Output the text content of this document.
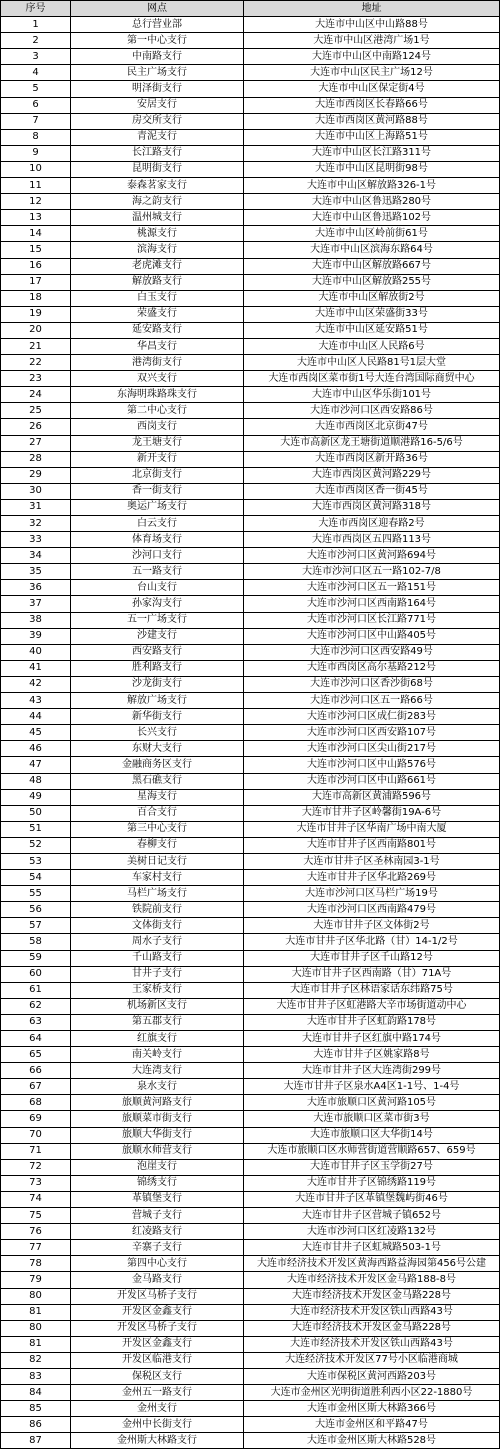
序号	网点	地址
1	总行营业部	大连市中山区中山路88号
2	第一中心支行	大连市中山区港湾广场1号
3	中南路支行	大连市中山区中南路124号
4	民主广场支行	大连市中山区民主广场12号
5	明泽街支行	大连市中山区保定街4号
6	安居支行	大连市西岗区长春路66号
7	房交所支行	大连市西岗区黄河路88号
8	青泥支行	大连市中山区上海路51号
9	长江路支行	大连市中山区长江路311号
10	昆明街支行	大连市中山区昆明街98号
11	泰森茗家支行	大连市中山区解放路326-1号
12	海之韵支行	大连市中山区鲁迅路280号
13	温州城支行	大连市中山区鲁迅路102号
14	桃源支行	大连市中山区岭前街61号
15	滨海支行	大连市中山区滨海东路64号
16	老虎滩支行	大连市中山区解放路667号
17	解放路支行	大连市中山区解放路255号
18	白玉支行	大连市中山区解放街2号
19	荣盛支行	大连市中山区荣盛街33号
20	延安路支行	大连市中山区延安路51号
21	华昌支行	大连市中山区人民路6号
22	港湾街支行	大连市中山区人民路81号1层大堂
23	双兴支行	大连市西岗区菜市街1号大连台湾国际商贸中心
24	东海明珠路珠支行	大连市中山区华乐街101号
25	第二中心支行	大连市沙河口区西安路86号
26	西岗支行	大连市西岗区北京街47号
27	龙王塘支行	大连市高新区龙王塘街道顺港路16-5/6号
28	新开支行	大连市西岗区新开路36号
29	北京街支行	大连市西岗区黄河路229号
30	香一街支行	大连市西岗区香一街45号
31	奥运广场支行	大连市西岗区黄河路318号
32	白云支行	大连市西岗区迎春路2号
33	体育场支行	大连市西岗区五四路113号
34	沙河口支行	大连市沙河口区黄河路694号
35	五一路支行	大连市沙河口区五一路102-7/8
36	台山支行	大连市沙河口区五一路151号
37	孙家沟支行	大连市沙河口区西南路164号
38	五一广场支行	大连市沙河口区长江路771号
39	沙建支行	大连市沙河口区中山路405号
40	西安路支行	大连市沙河口区西安路49号
41	胜利路支行	大连市西岗区高尔基路212号
42	沙龙街支行	大连市沙河口区香沙街68号
43	解放广场支行	大连市沙河口区五一路66号
44	新华街支行	大连市沙河口区成仁街283号
45	长兴支行	大连市沙河口区西安路107号
46	东财大支行	大连市沙河口区尖山街217号
47	金融商务区支行	大连市沙河口区中山路576号
48	黑石礁支行	大连市沙河口区中山路661号
49	星海支行	大连市高新区黄浦路596号
50	百合支行	大连市甘井子区岭馨街19A-6号
51	第三中心支行	大连市甘井子区华南广场中南大厦
52	春柳支行	大连市甘井子区西南路801号
53	美树日记支行	大连市甘井子区圣林南园3-1号
54	车家村支行	大连市甘井子区华北路269号
55	马栏广场支行	大连市沙河口区马栏广场19号
56	铁院前支行	大连市沙河口区西南路479号
57	文体街支行	大连市甘井子区文体街2号
58	周水子支行	大连市甘井子区华北路（甘）14-1/2号
59	千山路支行	大连市甘井子区千山路12号
60	甘井子支行	大连市甘井子区西南路（甘）71A号
61	王家桥支行	大连市甘井子区林语家话东纬路75号
62	机场新区支行	大连市甘井子区虹港路大辛市场街道动中心
63	第五郡支行	大连市甘井子区虹韵路178号
64	红旗支行	大连市甘井子区红旗中路174号
65	南关岭支行	大连市甘井子区姚家路8号
66	大连湾支行	大连市甘井子区大连湾街299号
67	泉水支行	大连市甘井子区泉水A4区1-1号、1-4号
68	旅顺黄河路支行	大连市旅顺口区黄河路105号
69	旅顺菜市街支行	大连市旅顺口区菜市街3号
70	旅顺大华街支行	大连市旅顺口区大华街14号
71	旅顺水师营支行	大连市旅顺口区水师营街道营顺路657、659号
72	泡崖支行	大连市甘井子区玉学街27号
73	锦绣支行	大连市甘井子区锦绣路119号
74	革镇堡支行	大连市甘井子区革镇堡魏屿街46号
75	营城子支行	大连市甘井子区营城子镇652号
76	红凌路支行	大连市沙河口区红凌路132号
77	辛寨子支行	大连市甘井子区虹城路503-1号
78	第四中心支行	大连市经济技术开发区黄海西路益海园第456号公建
79	金马路支行	大连市经济技术开发区金马路188-8号
80	开发区马桥子支行	大连市经济技术开发区金马路228号
81	开发区金鑫支行	大连市经济技术开发区铁山西路43号
80	开发区马桥子支行	大连市经济技术开发区金马路228号
81	开发区金鑫支行	大连市经济技术开发区铁山西路43号
82	开发区临港支行	大连经济技术开发区77号小区临港商城
83	保税区支行	大连市保税区黄河西路203号
84	金州五一路支行	大连市金州区光明街道胜利西小区22-1880号
85	金州支行	大连市金州区斯大林路366号
86	金州中长街支行	大连市金州区和平路47号
87	金州斯大林路支行	大连市金州区斯大林路528号
